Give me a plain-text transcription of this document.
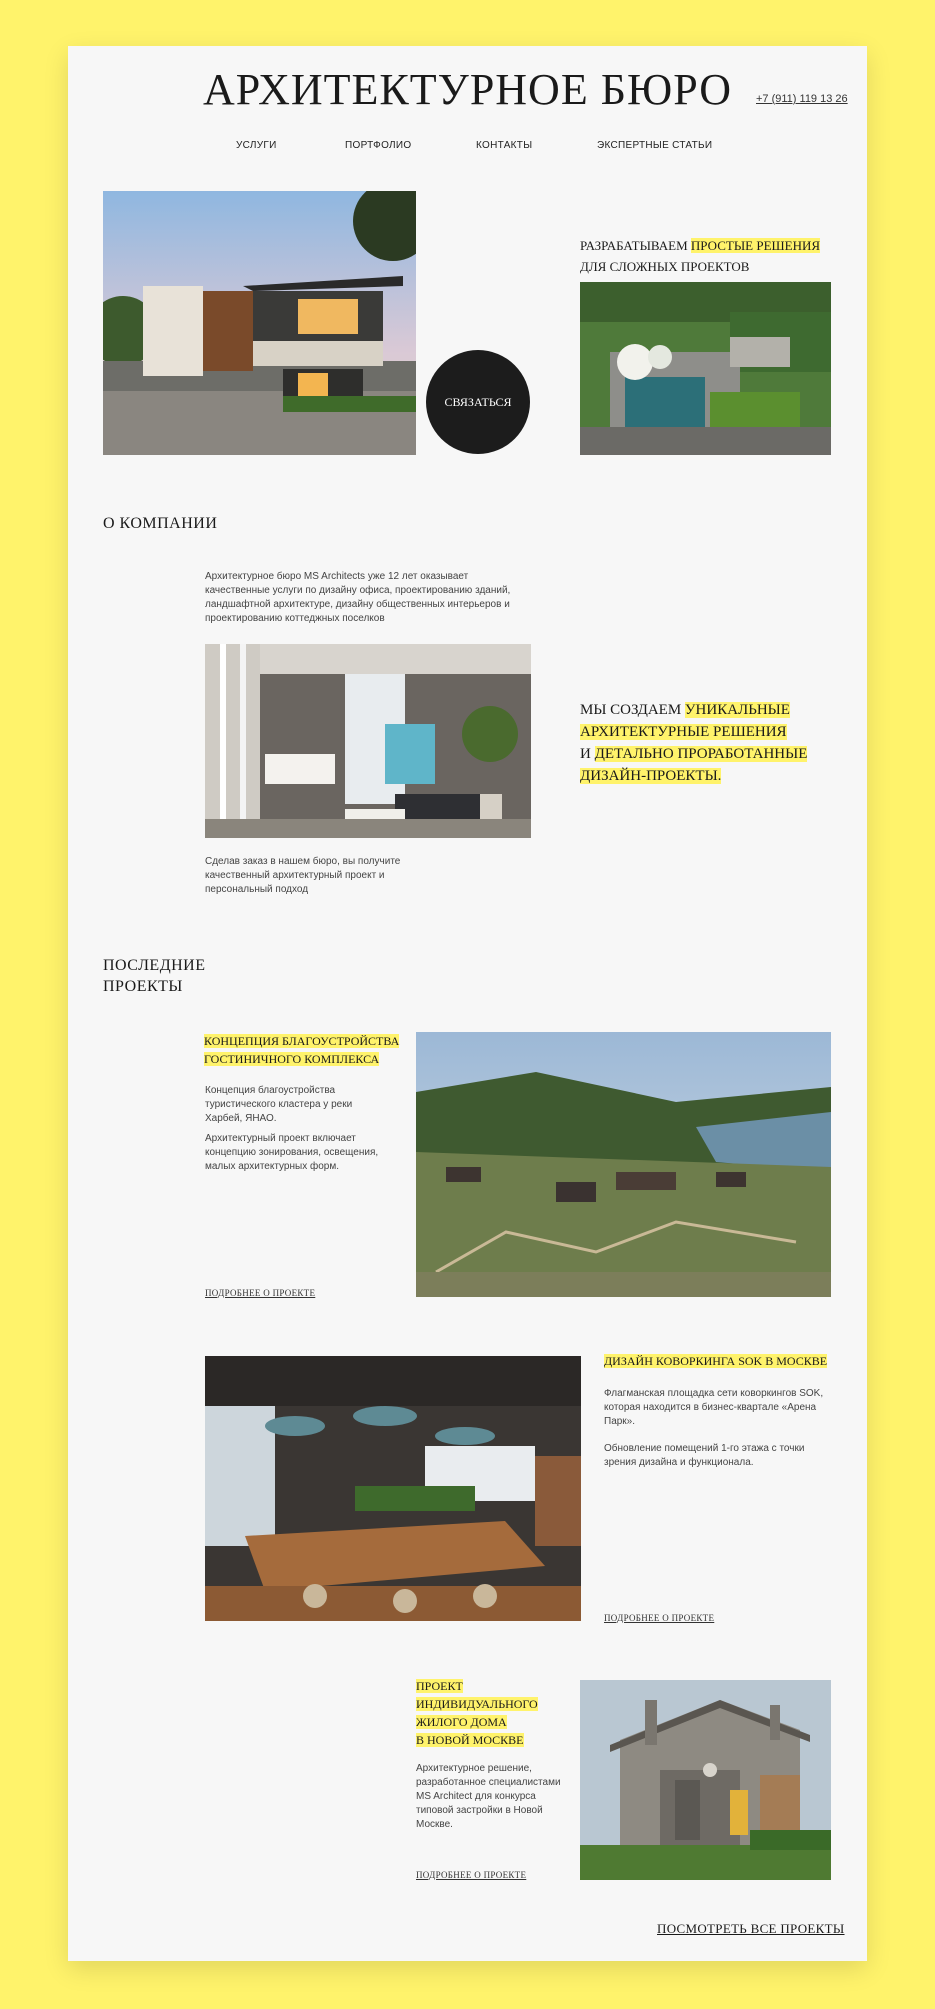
АРХИТЕКТУРНОЕ БЮРО	+7 (911) 119 13 26
УСЛУГИ	ПОРТФОЛИО	КОНТАКТЫ	ЭКСПЕРТНЫЕ СТАТЬИ
СВЯЗАТЬСЯ
РАЗРАБАТЫВАЕМ ПРОСТЫЕ РЕШЕНИЯ
ДЛЯ СЛОЖНЫХ ПРОЕКТОВ
О КОМПАНИИ
Архитектурное бюро MS Architects уже 12 лет оказывает качественные услуги по дизайну офиса, проектированию зданий, ландшафтной архитектуре, дизайну общественных интерьеров и проектированию коттеджных поселков
МЫ СОЗДАЕМ УНИКАЛЬНЫЕ
АРХИТЕКТУРНЫЕ РЕШЕНИЯ
И ДЕТАЛЬНО ПРОРАБОТАННЫЕ
ДИЗАЙН-ПРОЕКТЫ.
Сделав заказ в нашем бюро, вы получите качественный архитектурный проект и персональный подход
ПОСЛЕДНИЕ
ПРОЕКТЫ
КОНЦЕПЦИЯ БЛАГОУСТРОЙСТВА
ГОСТИНИЧНОГО КОМПЛЕКСА
Концепция благоустройства туристического кластера у реки Харбей, ЯНАО.
Архитектурный проект включает концепцию зонирования, освещения, малых архитектурных форм.
ПОДРОБНЕЕ О ПРОЕКТЕ
ДИЗАЙН КОВОРКИНГА SOK В МОСКВЕ
Флагманская площадка сети коворкингов SOK, которая находится в бизнес-квартале «Арена Парк».
Обновление помещений 1-го этажа с точки зрения дизайна и функционала.
ПОДРОБНЕЕ О ПРОЕКТЕ
ПРОЕКТ
ИНДИВИДУАЛЬНОГО
ЖИЛОГО ДОМА
В НОВОЙ МОСКВЕ
Архитектурное решение, разработанное специалистами MS Architect для конкурса типовой застройки в Новой Москве.
ПОДРОБНЕЕ О ПРОЕКТЕ
ПОСМОТРЕТЬ ВСЕ ПРОЕКТЫ
